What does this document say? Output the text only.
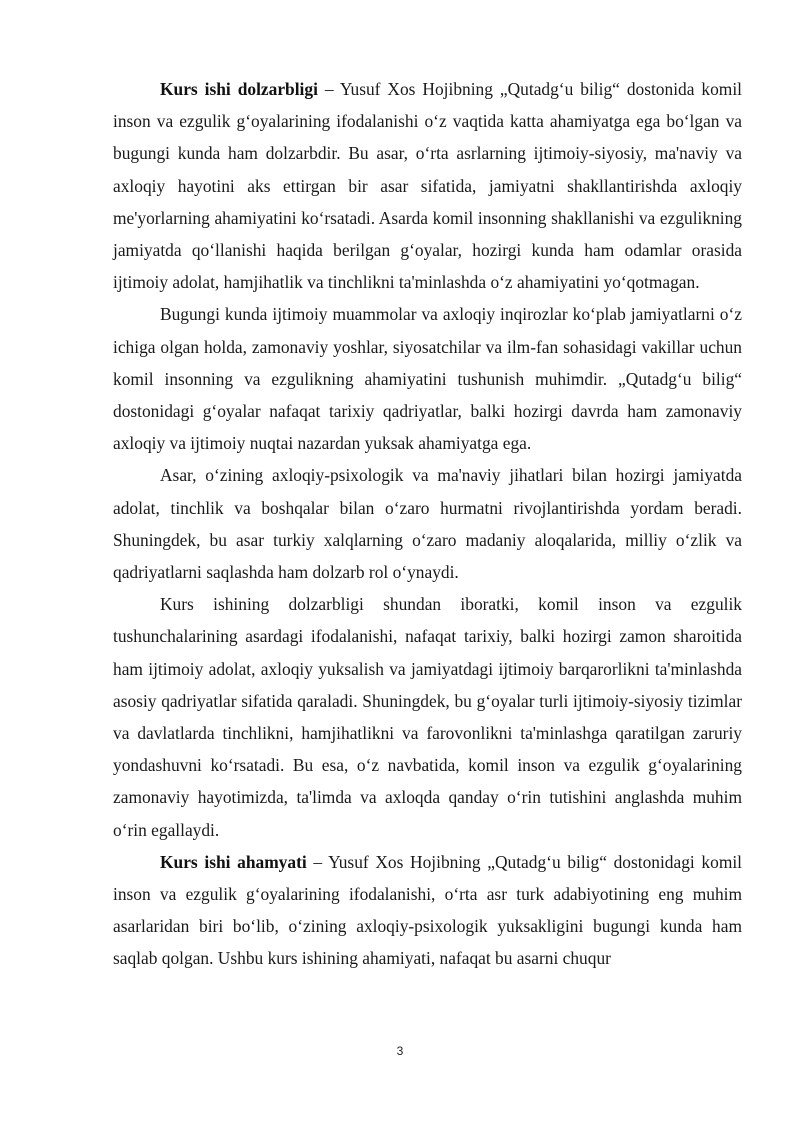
Kurs ishi dolzarbligi – Yusuf Xos Hojibning „Qutadg‘u bilig“ dostonida komil inson va ezgulik g‘oyalarining ifodalanishi o‘z vaqtida katta ahamiyatga ega bo‘lgan va bugungi kunda ham dolzarbdir. Bu asar, o‘rta asrlarning ijtimoiy-siyosiy, ma'naviy va axloqiy hayotini aks ettirgan bir asar sifatida, jamiyatni shakllantirishda axloqiy me'yorlarning ahamiyatini ko‘rsatadi. Asarda komil insonning shakllanishi va ezgulikning jamiyatda qo‘llanishi haqida berilgan g‘oyalar, hozirgi kunda ham odamlar orasida ijtimoiy adolat, hamjihatlik va tinchlikni ta'minlashda o‘z ahamiyatini yo‘qotmagan.

Bugungi kunda ijtimoiy muammolar va axloqiy inqirozlar ko‘plab jamiyatlarni o‘z ichiga olgan holda, zamonaviy yoshlar, siyosatchilar va ilm-fan sohasidagi vakillar uchun komil insonning va ezgulikning ahamiyatini tushunish muhimdir. „Qutadg‘u bilig“ dostonidagi g‘oyalar nafaqat tarixiy qadriyatlar, balki hozirgi davrda ham zamonaviy axloqiy va ijtimoiy nuqtai nazardan yuksak ahamiyatga ega.

Asar, o‘zining axloqiy-psixologik va ma'naviy jihatlari bilan hozirgi jamiyatda adolat, tinchlik va boshqalar bilan o‘zaro hurmatni rivojlantirishda yordam beradi. Shuningdek, bu asar turkiy xalqlarning o‘zaro madaniy aloqalarida, milliy o‘zlik va qadriyatlarni saqlashda ham dolzarb rol o‘ynaydi.

Kurs ishining dolzarbligi shundan iboratki, komil inson va ezgulik tushunchalarining asardagi ifodalanishi, nafaqat tarixiy, balki hozirgi zamon sharoitida ham ijtimoiy adolat, axloqiy yuksalish va jamiyatdagi ijtimoiy barqarorlikni ta'minlashda asosiy qadriyatlar sifatida qaraladi. Shuningdek, bu g‘oyalar turli ijtimoiy-siyosiy tizimlar va davlatlarda tinchlikni, hamjihatlikni va farovonlikni ta'minlashga qaratilgan zaruriy yondashuvni ko‘rsatadi. Bu esa, o‘z navbatida, komil inson va ezgulik g‘oyalarining zamonaviy hayotimizda, ta'limda va axloqda qanday o‘rin tutishini anglashda muhim o‘rin egallaydi.

Kurs ishi ahamyati – Yusuf Xos Hojibning „Qutadg‘u bilig“ dostonidagi komil inson va ezgulik g‘oyalarining ifodalanishi, o‘rta asr turk adabiyotining eng muhim asarlaridan biri bo‘lib, o‘zining axloqiy-psixologik yuksakligini bugungi kunda ham saqlab qolgan. Ushbu kurs ishining ahamiyati, nafaqat bu asarni chuqur

3
